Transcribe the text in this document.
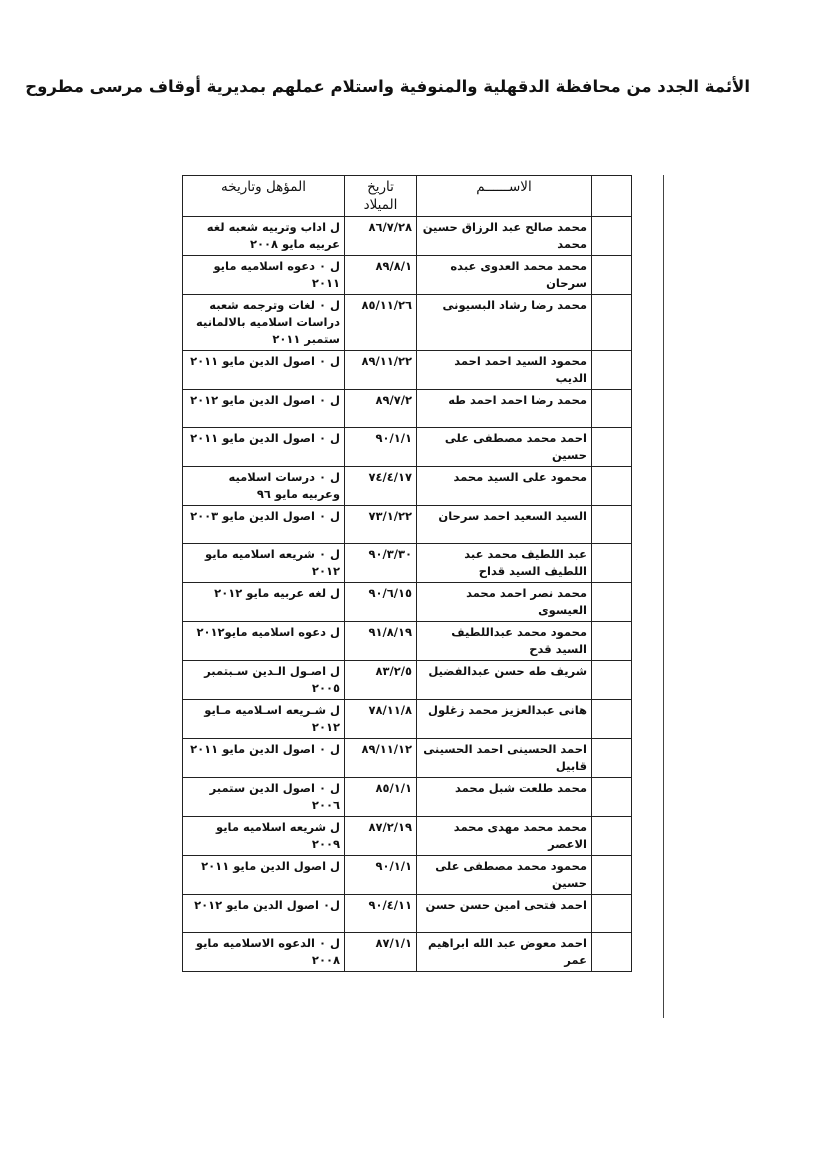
الأئمة الجدد من محافظة الدقهلية والمنوفية واستلام عملهم بمديرية أوقاف مرسى مطروح
	الاســــــم	تاريخ الميلاد	المؤهل وتاريخه
	محمد صالح عبد الرزاق حسين محمد	٨٦/٧/٢٨	ل اداب وتربيه شعبه لغه عربيه مايو ٢٠٠٨
	محمد محمد العدوى عبده سرحان	٨٩/٨/١	ل ٠ دعوه اسلاميه مايو ٢٠١١
	محمد رضا رشاد البسيونى	٨٥/١١/٢٦	ل ٠ لغات وترجمه شعبه دراسات اسلاميه بالالمانيه ستمبر ٢٠١١
	محمود السيد احمد احمد الديب	٨٩/١١/٢٢	ل ٠ اصول الدين مايو ٢٠١١
	محمد رضا احمد احمد طه	٨٩/٧/٢	ل ٠ اصول الدين مايو ٢٠١٢
	احمد محمد مصطفى على حسين	٩٠/١/١	ل ٠ اصول الدين مايو ٢٠١١
	محمود على السيد محمد	٧٤/٤/١٧	ل ٠ درسات اسلاميه وعربيه مايو ٩٦
	السيد السعيد احمد سرحان	٧٣/١/٢٢	ل ٠ اصول الدين مايو ٢٠٠٣
	عبد اللطيف محمد عبد اللطيف السيد قداح	٩٠/٣/٣٠	ل ٠ شريعه اسلاميه مايو ٢٠١٢
	محمد نصر احمد محمد العيسوى	٩٠/٦/١٥	ل لغه عربيه مايو ٢٠١٢
	محمود محمد عبداللطيف السيد قدح	٩١/٨/١٩	ل دعوه اسلاميه مايو٢٠١٢
	شريف طه حسن عبدالفضيل	٨٣/٢/٥	ل اصـول الـدين سـبتمبر ٢٠٠٥
	هانى عبدالعزيز محمد زغلول	٧٨/١١/٨	ل شـريعه اسـلاميه مـايو ٢٠١٢
	احمد الحسينى احمد الحسينى قابيل	٨٩/١١/١٢	ل ٠ اصول الدين مايو ٢٠١١
	محمد طلعت شبل محمد	٨٥/١/١	ل ٠ اصول الدين ستمبر ٢٠٠٦
	محمد محمد مهدى محمد الاعصر	٨٧/٢/١٩	ل شريعه اسلاميه مايو ٢٠٠٩
	محمود محمد مصطفى على حسين	٩٠/١/١	ل اصول الدين مايو ٢٠١١
	احمد فتحى امين حسن حسن	٩٠/٤/١١	ل٠ اصول الدين مايو ٢٠١٢
	احمد معوض عبد الله ابراهيم عمر	٨٧/١/١	ل ٠ الدعوه الاسلاميه مايو ٢٠٠٨
